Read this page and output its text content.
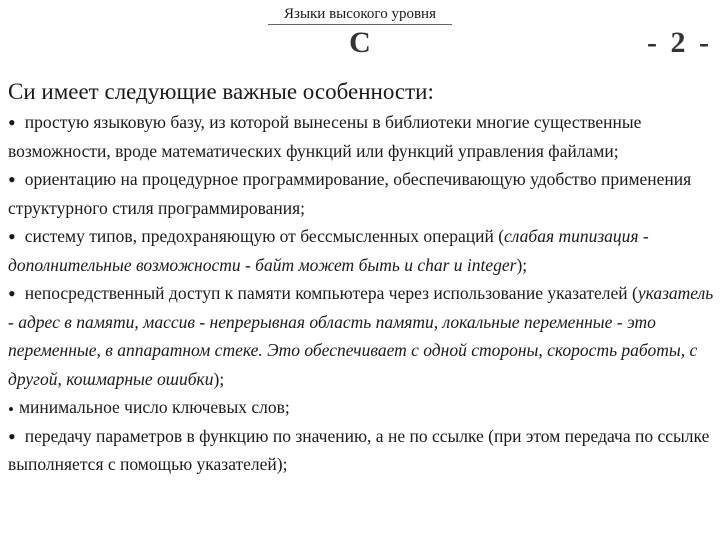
Языки высокого уровня
С	- 2 -

Си имеет следующие важные особенности:

• простую языковую базу, из которой вынесены в библиотеки многие существенные возможности, вроде математических функций или функций управления файлами;

• ориентацию на процедурное программирование, обеспечивающую удобство применения структурного стиля программирования;

• систему типов, предохраняющую от бессмысленных операций (слабая типизация - дополнительные возможности - байт может быть и char и integer);

• непосредственный доступ к памяти компьютера через использование указателей (указатель - адрес в памяти, массив - непрерывная область памяти, локальные переменные - это переменные, в аппаратном стеке. Это обеспечивает с одной стороны, скорость работы, с другой, кошмарные ошибки);

• минимальное число ключевых слов;

• передачу параметров в функцию по значению, а не по ссылке (при этом передача по ссылке выполняется с помощью указателей);
